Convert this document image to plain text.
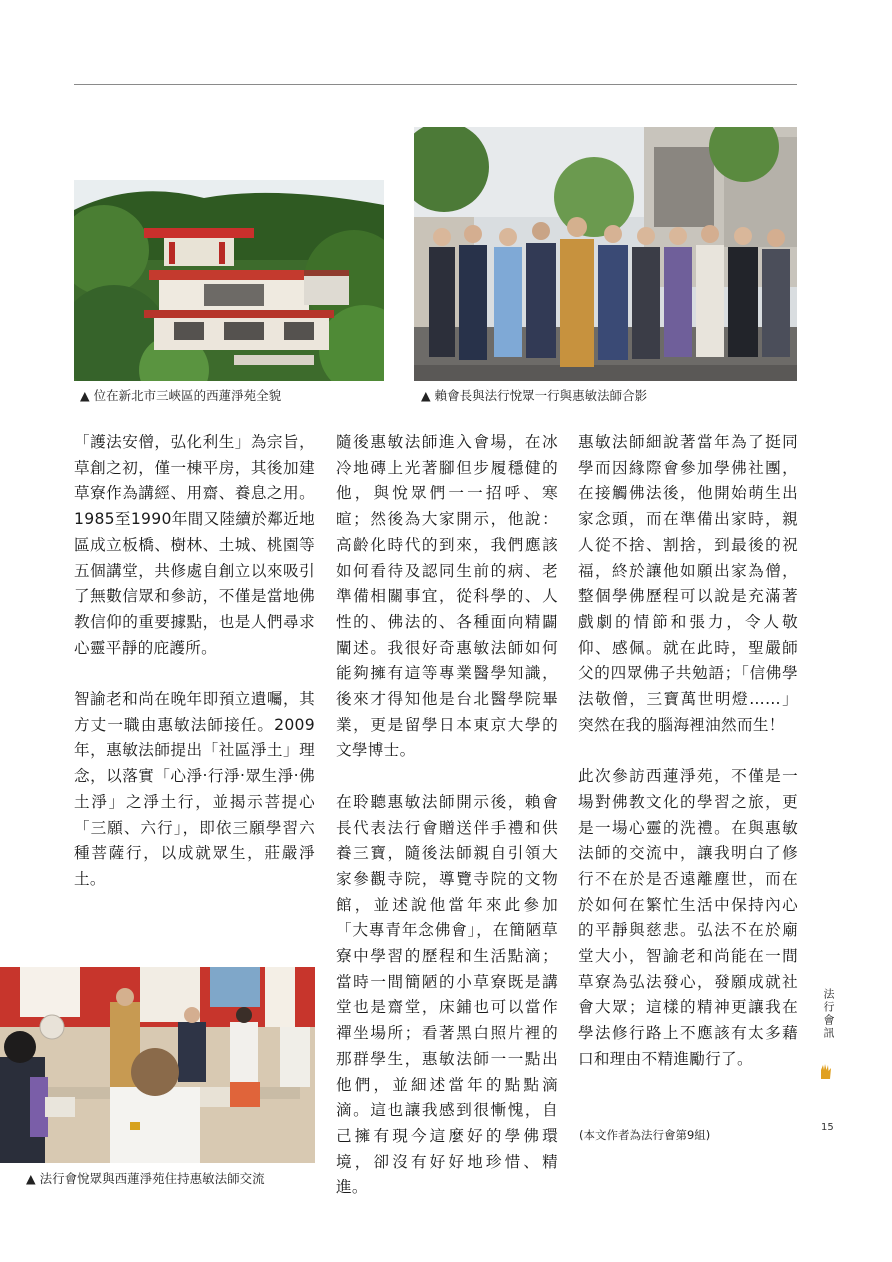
▲ 位在新北市三峽區的西蓮淨苑全貌	▲ 賴會長與法行悅眾一行與惠敏法師合影

「護法安僧，弘化利生」為宗旨，草創之初，僅一棟平房，其後加建草寮作為講經、用齋、養息之用。1985至1990年間又陸續於鄰近地區成立板橋、樹林、土城、桃園等五個講堂，共修處自創立以來吸引了無數信眾和參訪，不僅是當地佛教信仰的重要據點，也是人們尋求心靈平靜的庇護所。

智諭老和尚在晚年即預立遺囑，其方丈一職由惠敏法師接任。2009年，惠敏法師提出「社區淨土」理念，以落實「心淨‧行淨‧眾生淨‧佛土淨」之淨土行，並揭示菩提心「三願、六行」，即依三願學習六種菩薩行，以成就眾生，莊嚴淨土。

▲ 法行會悅眾與西蓮淨苑住持惠敏法師交流

隨後惠敏法師進入會場，在冰冷地磚上光著腳但步履穩健的他，與悅眾們一一招呼、寒暄；然後為大家開示，他說：高齡化時代的到來，我們應該如何看待及認同生前的病、老準備相關事宜，從科學的、人性的、佛法的、各種面向精闢闡述。我很好奇惠敏法師如何能夠擁有這等專業醫學知識，後來才得知他是台北醫學院畢業，更是留學日本東京大學的文學博士。

在聆聽惠敏法師開示後，賴會長代表法行會贈送伴手禮和供養三寶，隨後法師親自引領大家參觀寺院，導覽寺院的文物館，並述說他當年來此參加「大專青年念佛會」，在簡陋草寮中學習的歷程和生活點滴；當時一間簡陋的小草寮既是講堂也是齋堂，床鋪也可以當作禪坐場所；看著黑白照片裡的那群學生，惠敏法師一一點出他們，並細述當年的點點滴滴。這也讓我感到很慚愧，自己擁有現今這麼好的學佛環境，卻沒有好好地珍惜、精進。

惠敏法師細說著當年為了挺同學而因緣際會參加學佛社團，在接觸佛法後，他開始萌生出家念頭，而在準備出家時，親人從不捨、割捨，到最後的祝福，終於讓他如願出家為僧，整個學佛歷程可以說是充滿著戲劇的情節和張力，令人敬仰、感佩。就在此時，聖嚴師父的四眾佛子共勉語；「信佛學法敬僧，三寶萬世明燈……」突然在我的腦海裡油然而生！

此次參訪西蓮淨苑，不僅是一場對佛教文化的學習之旅，更是一場心靈的洗禮。在與惠敏法師的交流中，讓我明白了修行不在於是否遠離塵世，而在於如何在繁忙生活中保持內心的平靜與慈悲。弘法不在於廟堂大小，智諭老和尚能在一間草寮為弘法發心，發願成就社會大眾；這樣的精神更讓我在學法修行路上不應該有太多藉口和理由不精進勵行了。

(本文作者為法行會第9組)
法行會訊
15
